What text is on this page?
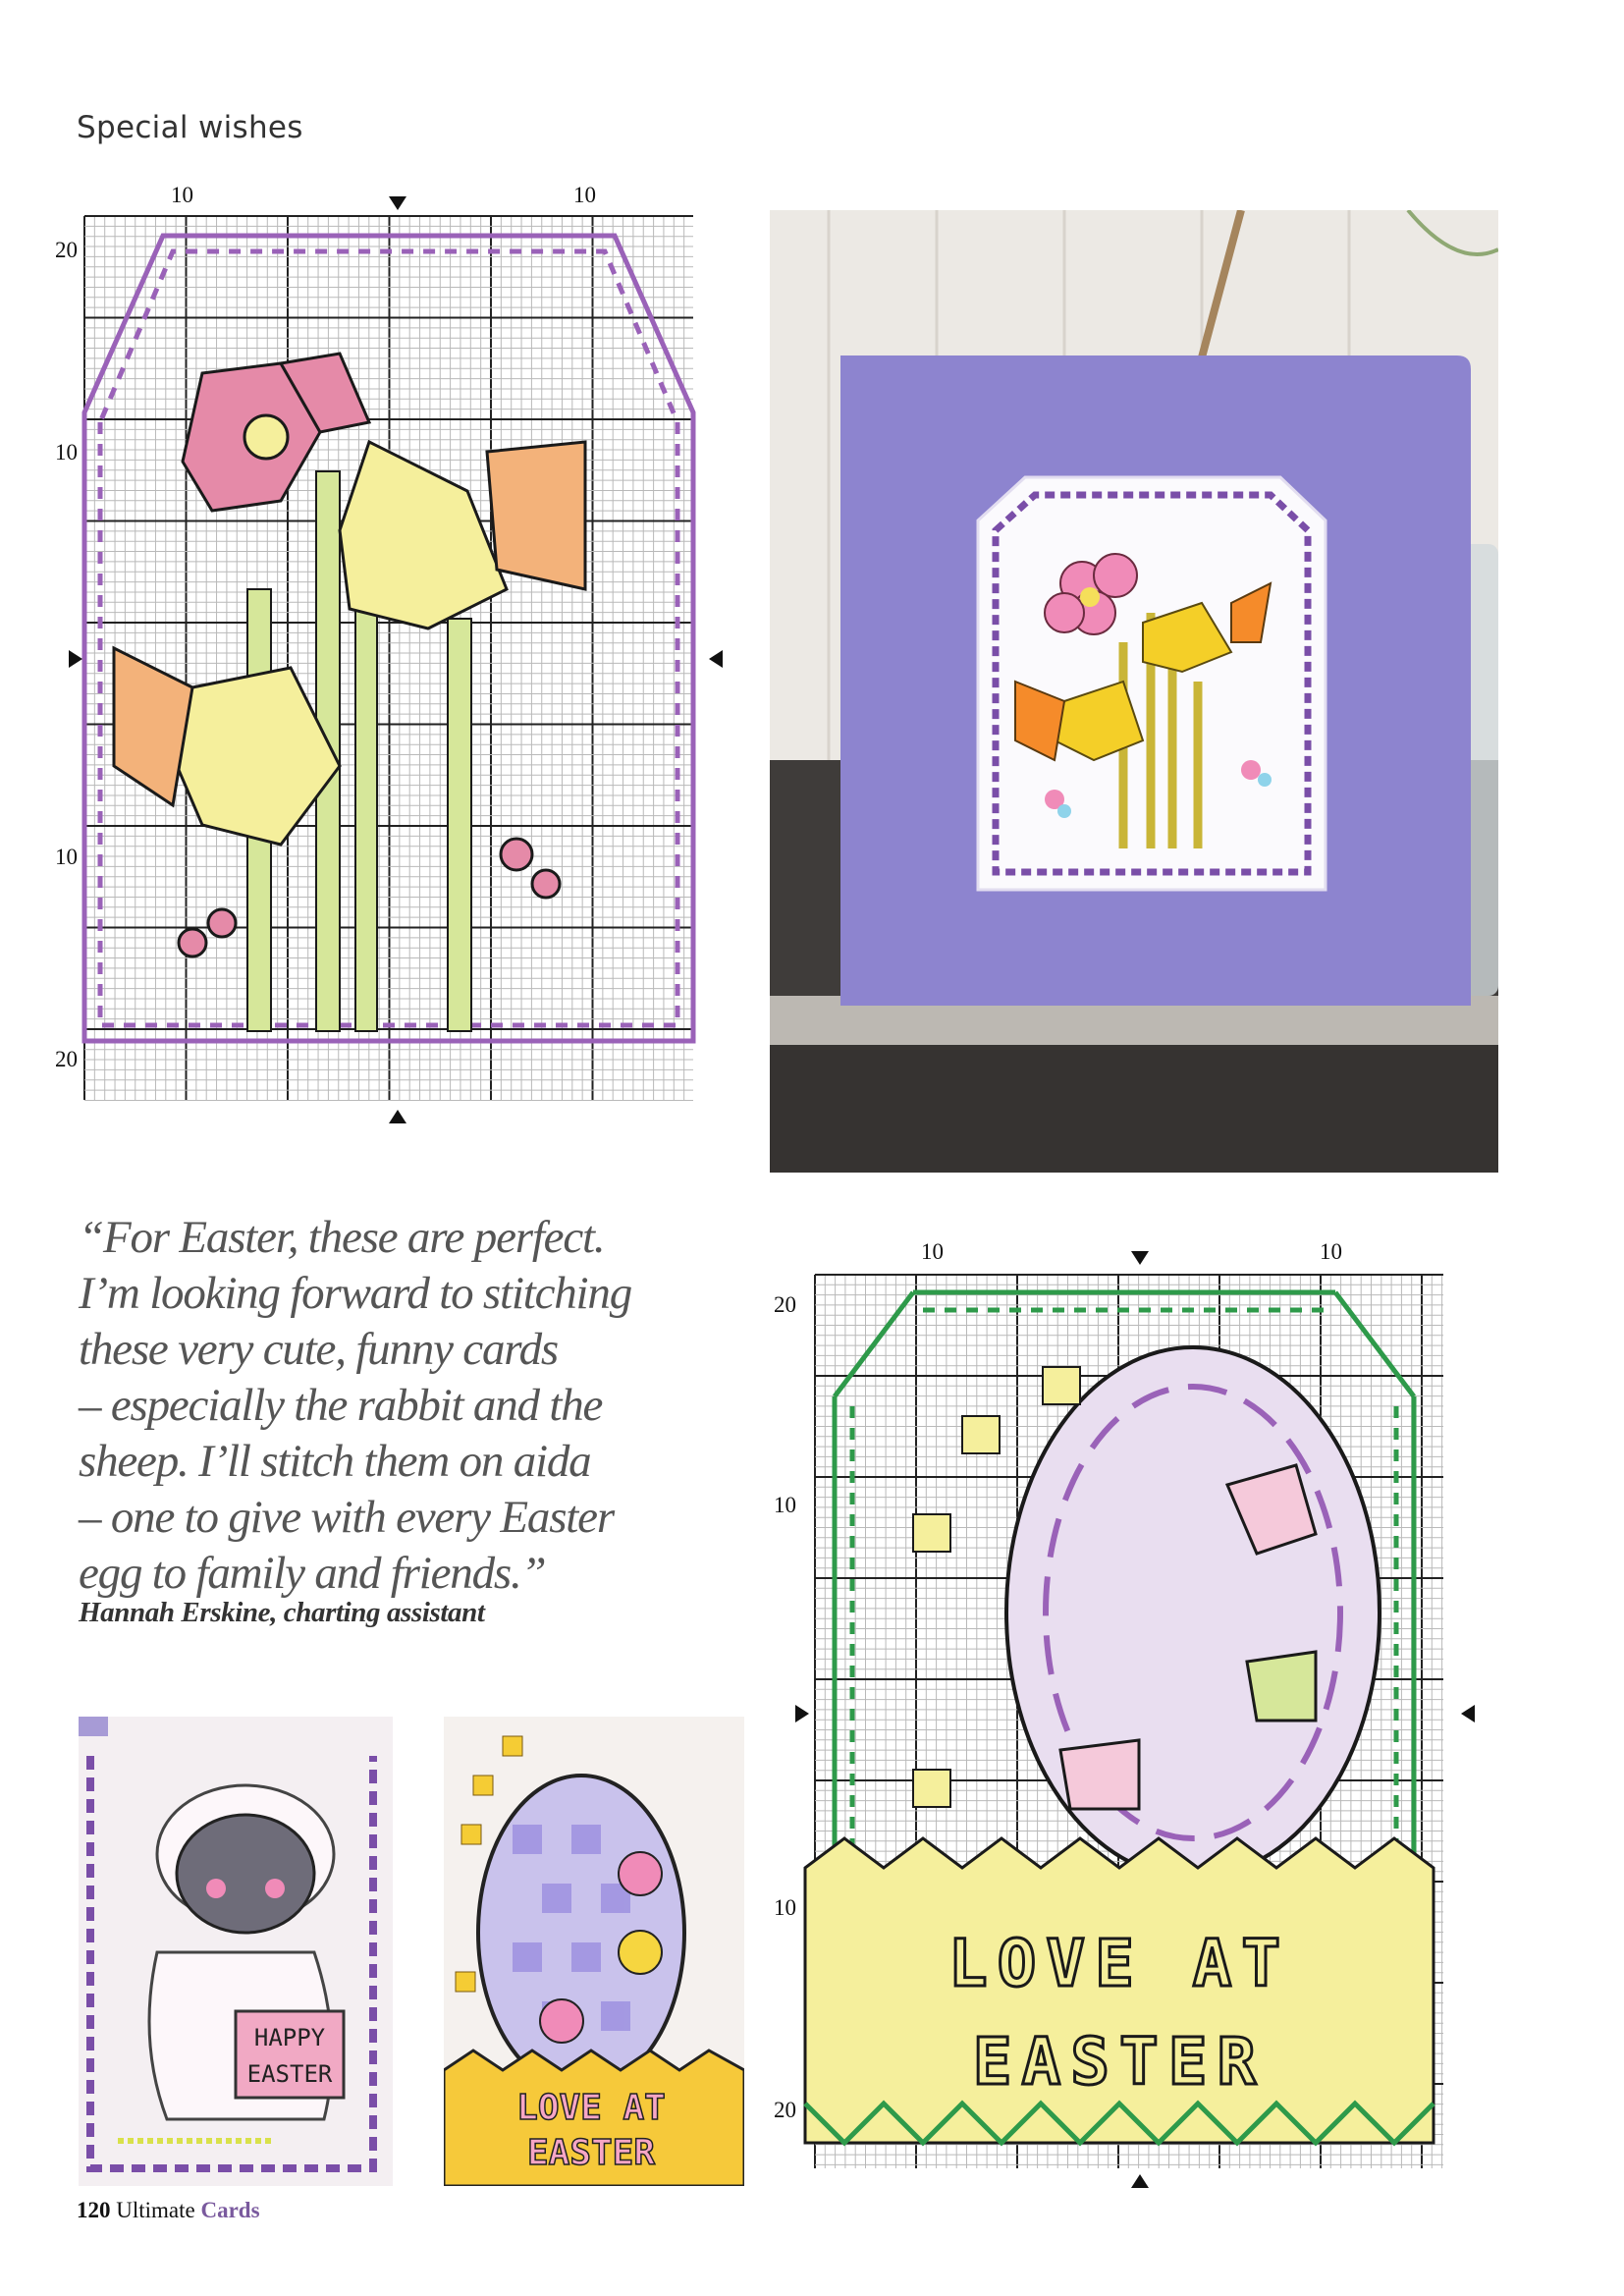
Special wishes
10	10
20
10
10
20
“For Easter, these are perfect.
I’m looking forward to stitching
these very cute, funny cards
– especially the rabbit and the
sheep. I’ll stitch them on aida
– one to give with every Easter
egg to family and friends.”
Hannah Erskine, charting assistant
10	10
20
10
10
20
LOVE AT
EASTER
HAPPY
EASTER
LOVE AT
EASTER
120 Ultimate Cards
